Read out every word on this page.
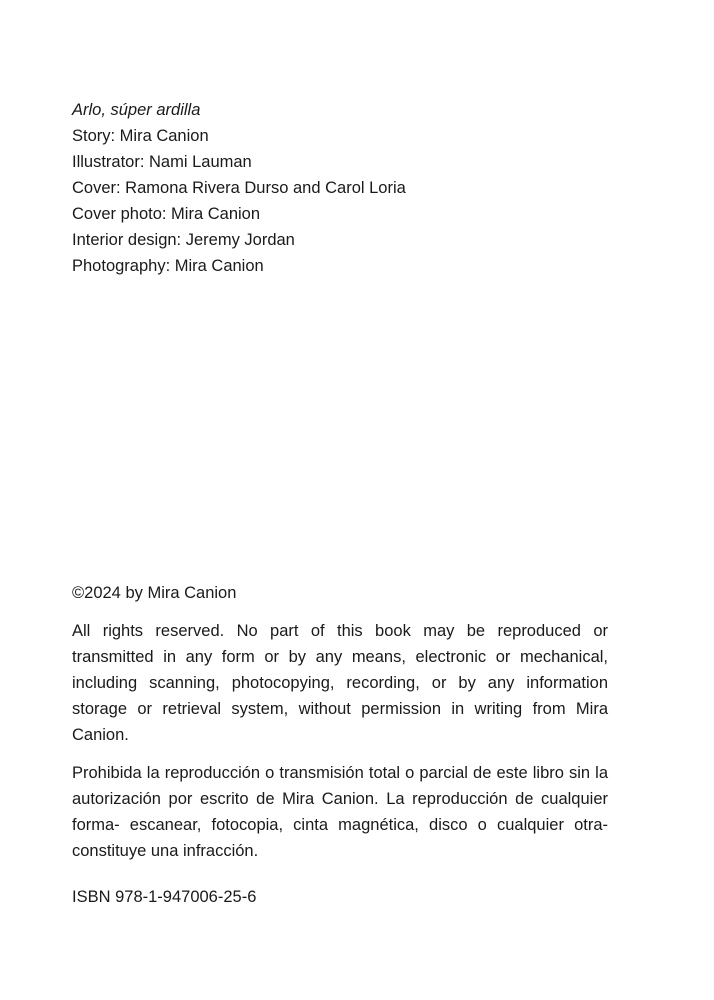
Arlo, súper ardilla
Story: Mira Canion
Illustrator: Nami Lauman
Cover: Ramona Rivera Durso and Carol Loria
Cover photo: Mira Canion
Interior design: Jeremy Jordan
Photography: Mira Canion
©2024 by Mira Canion

All rights reserved. No part of this book may be reproduced or transmitted in any form or by any means, electronic or mechanical, including scanning, photocopying, recording, or by any information storage or retrieval system, without permission in writing from Mira Canion.

Prohibida la reproducción o transmisión total o parcial de este libro sin la autorización por escrito de Mira Canion. La reproducción de cualquier forma- escanear, fotocopia, cinta magnética, disco o cualquier otra- constituye una infracción.

ISBN 978-1-947006-25-6
